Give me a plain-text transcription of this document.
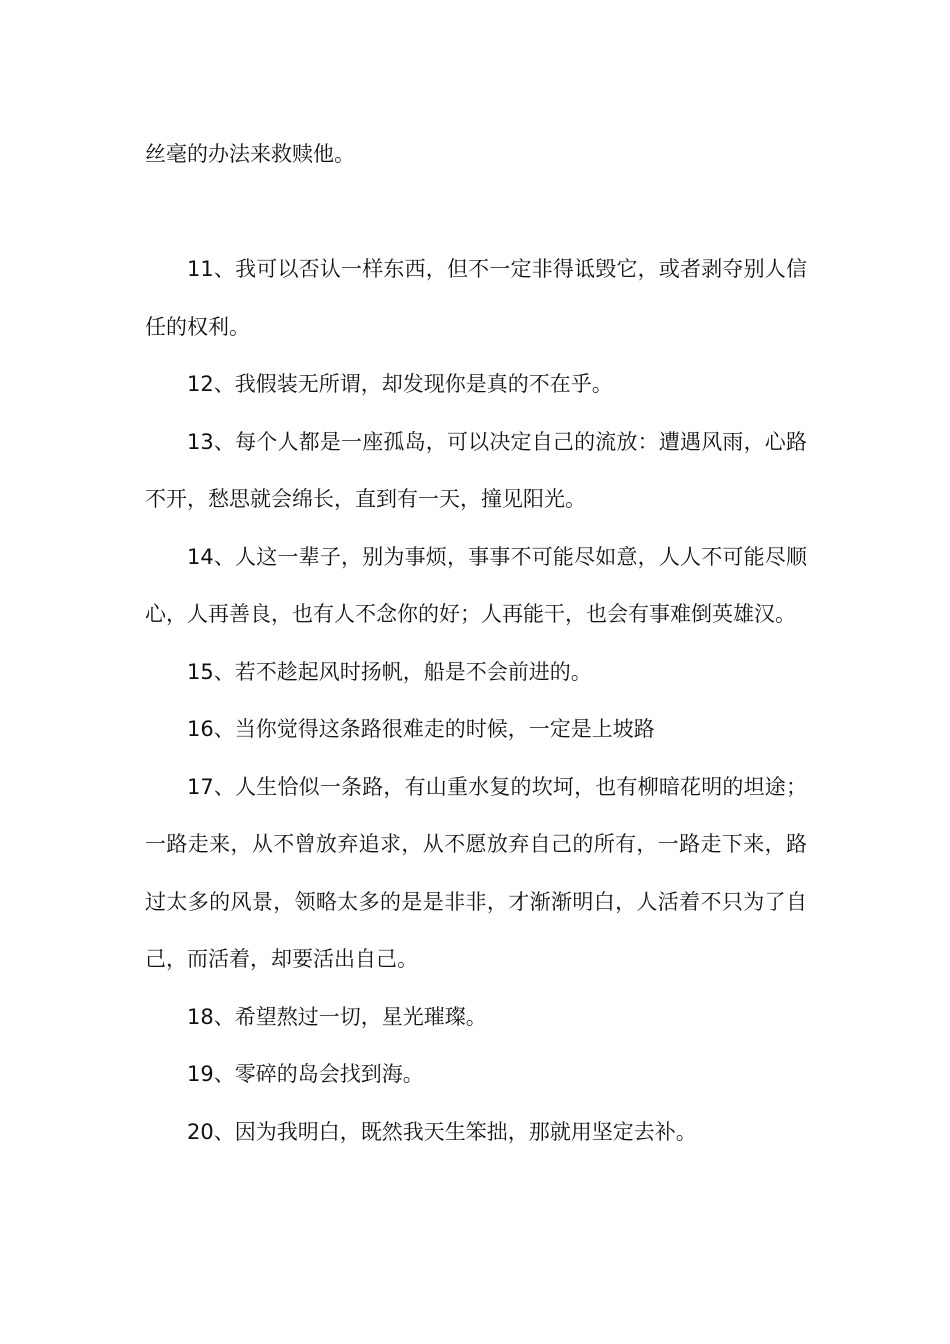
丝毫的办法来救赎他。

11、我可以否认一样东西，但不一定非得诋毁它，或者剥夺别人信任的权利。

12、我假装无所谓，却发现你是真的不在乎。

13、每个人都是一座孤岛，可以决定自己的流放：遭遇风雨，心路不开，愁思就会绵长，直到有一天，撞见阳光。

14、人这一辈子，别为事烦，事事不可能尽如意，人人不可能尽顺心，人再善良，也有人不念你的好；人再能干，也会有事难倒英雄汉。

15、若不趁起风时扬帆，船是不会前进的。

16、当你觉得这条路很难走的时候，一定是上坡路

17、人生恰似一条路，有山重水复的坎坷，也有柳暗花明的坦途；一路走来，从不曾放弃追求，从不愿放弃自己的所有，一路走下来，路过太多的风景，领略太多的是是非非，才渐渐明白，人活着不只为了自己，而活着，却要活出自己。

18、希望熬过一切，星光璀璨。

19、零碎的岛会找到海。

20、因为我明白，既然我天生笨拙，那就用坚定去补。
